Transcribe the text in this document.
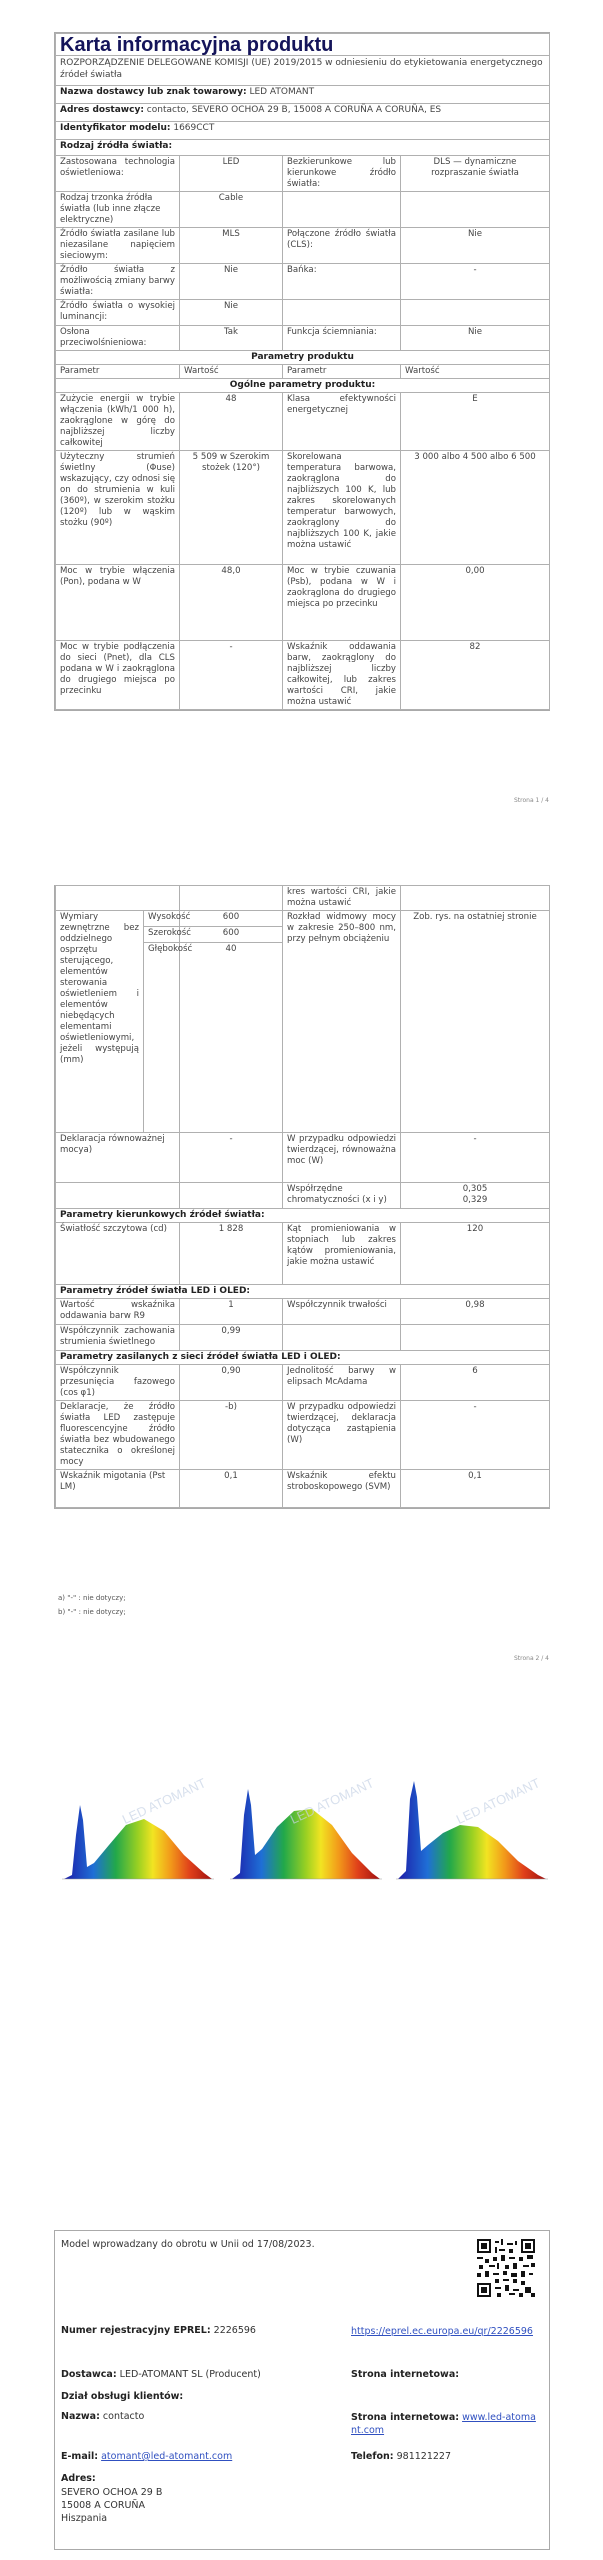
Karta informacyjna produktu			
ROZPORZĄDZENIE DELEGOWANE KOMISJI (UE) 2019/2015 w odniesieniu do etykietowania energetycznego źródeł światła			
Nazwa dostawcy lub znak towarowy: LED ATOMANT			
Adres dostawcy: contacto, SEVERO OCHOA 29 B, 15008 A CORUÑA A CORUÑA, ES			
Identyfikator modelu: 1669CCT			
Rodzaj źródła światła:			
Zastosowana technologia oświetleniowa:	LED	Bezkierunkowe lub kierunkowe źródło światła:	DLS — dynamiczne rozpraszanie światła
Rodzaj trzonka źródła światła (lub inne złącze elektryczne)	Cable		
Źródło światła zasilane lub niezasilane napięciem sieciowym:	MLS	Połączone źródło światła (CLS):	Nie
Źródło światła z możliwością zmiany barwy światła:	Nie	Bańka:	-
Źródło światła o wysokiej luminancji:	Nie		
Osłona przeciwolśnieniowa:	Tak	Funkcja ściemniania:	Nie
Parametry produktu			
Parametr	Wartość	Parametr	Wartość
Ogólne parametry produktu:			
Zużycie energii w trybie włączenia (kWh/1 000 h), zaokrąglone w górę do najbliższej liczby całkowitej	48	Klasa efektywności energetycznej	E
Użyteczny strumień świetlny (Φuse) wskazujący, czy odnosi się on do strumienia w kuli (360º), w szerokim stożku (120º) lub w wąskim stożku (90º)	5 509 w Szerokim stożek (120°)	Skorelowana temperatura barwowa, zaokrąglona do najbliższych 100 K, lub zakres skorelowanych temperatur barwowych, zaokrąglony do najbliższych 100 K, jakie można ustawić	3 000 albo 4 500 albo 6 500
Moc w trybie włączenia (Pon), podana w W	48,0	Moc w trybie czuwania (Psb), podana w W i zaokrąglona do drugiego miejsca po przecinku	0,00
Moc w trybie podłączenia do sieci (Pnet), dla CLS podana w W i zaokrąglona do drugiego miejsca po przecinku	-	Wskaźnik oddawania barw, zaokrąglony do najbliższej liczby całkowitej, lub zakres wartości CRI, jakie można ustawić	82
Strona 1 / 4
			kres wartości CRI, jakie można ustawić	
Wymiary zewnętrzne bez oddzielnego osprzętu sterującego, elementów sterowania oświetleniem i elementów niebędących elementami oświetleniowymi, jeżeli występują (mm)	Wysokość	600	Rozkład widmowy mocy w zakresie 250–800 nm, przy pełnym obciążeniu	Zob. rys. na ostatniej stronie
	Szerokość	600		
	Głębokość	40		
Deklaracja równoważnej mocya)		-	W przypadku odpowiedzi twierdzącej, równoważna moc (W)	-
			Współrzędne chromatyczności (x i y)	0,305
0,329
Parametry kierunkowych źródeł światła:				
Światłość szczytowa (cd)		1 828	Kąt promieniowania w stopniach lub zakres kątów promieniowania, jakie można ustawić	120
Parametry źródeł światła LED i OLED:				
Wartość wskaźnika oddawania barw R9		1	Współczynnik trwałości	0,98
Współczynnik zachowania strumienia świetlnego		0,99		
Parametry zasilanych z sieci źródeł światła LED i OLED:				
Współczynnik przesunięcia fazowego (cos φ1)		0,90	Jednolitość barwy w elipsach McAdama	6
Deklaracje, że źródło światła LED zastępuje fluorescencyjne źródło światła bez wbudowanego statecznika o określonej mocy		-b)	W przypadku odpowiedzi twierdzącej, deklaracja dotycząca zastąpienia (W)	-
Wskaźnik migotania (Pst LM)		0,1	Wskaźnik efektu stroboskopowego (SVM)	0,1
a) "-" : nie dotyczy;
b) "-" : nie dotyczy;
Strona 2 / 4
LED ATOMANT	LED ATOMANT	LED ATOMANT
Model wprowadzany do obrotu w Unii od 17/08/2023.
Numer rejestracyjny EPREL: 2226596	https://eprel.ec.europa.eu/qr/2226596
Dostawca: LED-ATOMANT SL (Producent)	Strona internetowa:
Dział obsługi klientów:
Nazwa: contacto	Strona internetowa: www.led-atomant.com
E-mail: atomant@led-atomant.com	Telefon: 981121227
Adres:
SEVERO OCHOA 29 B
15008 A CORUÑA
Hiszpania
